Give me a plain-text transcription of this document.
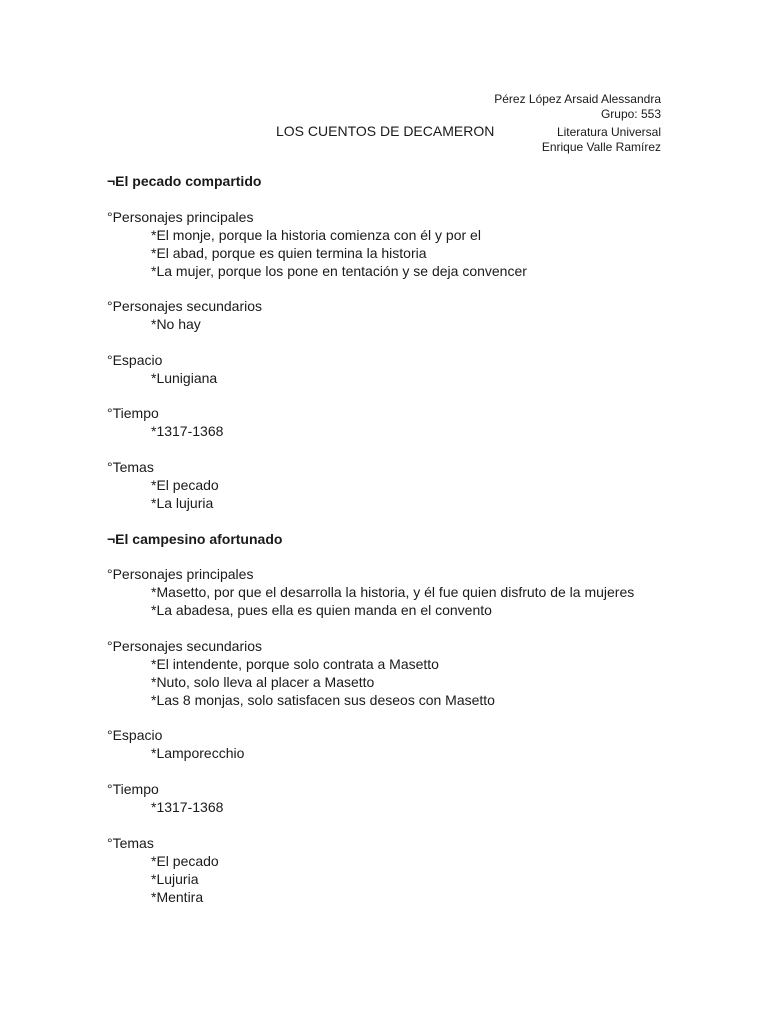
Pérez López Arsaid Alessandra
Grupo: 553
Literatura Universal
Enrique Valle Ramírez
LOS CUENTOS DE DECAMERON

¬El pecado compartido

°Personajes principales

*El monje, porque la historia comienza con él y por el

*El abad, porque es quien termina la historia

*La mujer, porque los pone en tentación y se deja convencer

°Personajes secundarios

*No hay

°Espacio

*Lunigiana

°Tiempo

*1317-1368

°Temas

*El pecado

*La lujuria

¬El campesino afortunado

°Personajes principales

*Masetto, por que el desarrolla la historia, y él fue quien disfruto de la mujeres

*La abadesa, pues ella es quien manda en el convento

°Personajes secundarios

*El intendente, porque solo contrata a Masetto

*Nuto, solo lleva al placer a Masetto

*Las 8 monjas, solo satisfacen sus deseos con Masetto

°Espacio

*Lamporecchio

°Tiempo

*1317-1368

°Temas

*El pecado

*Lujuria

*Mentira
